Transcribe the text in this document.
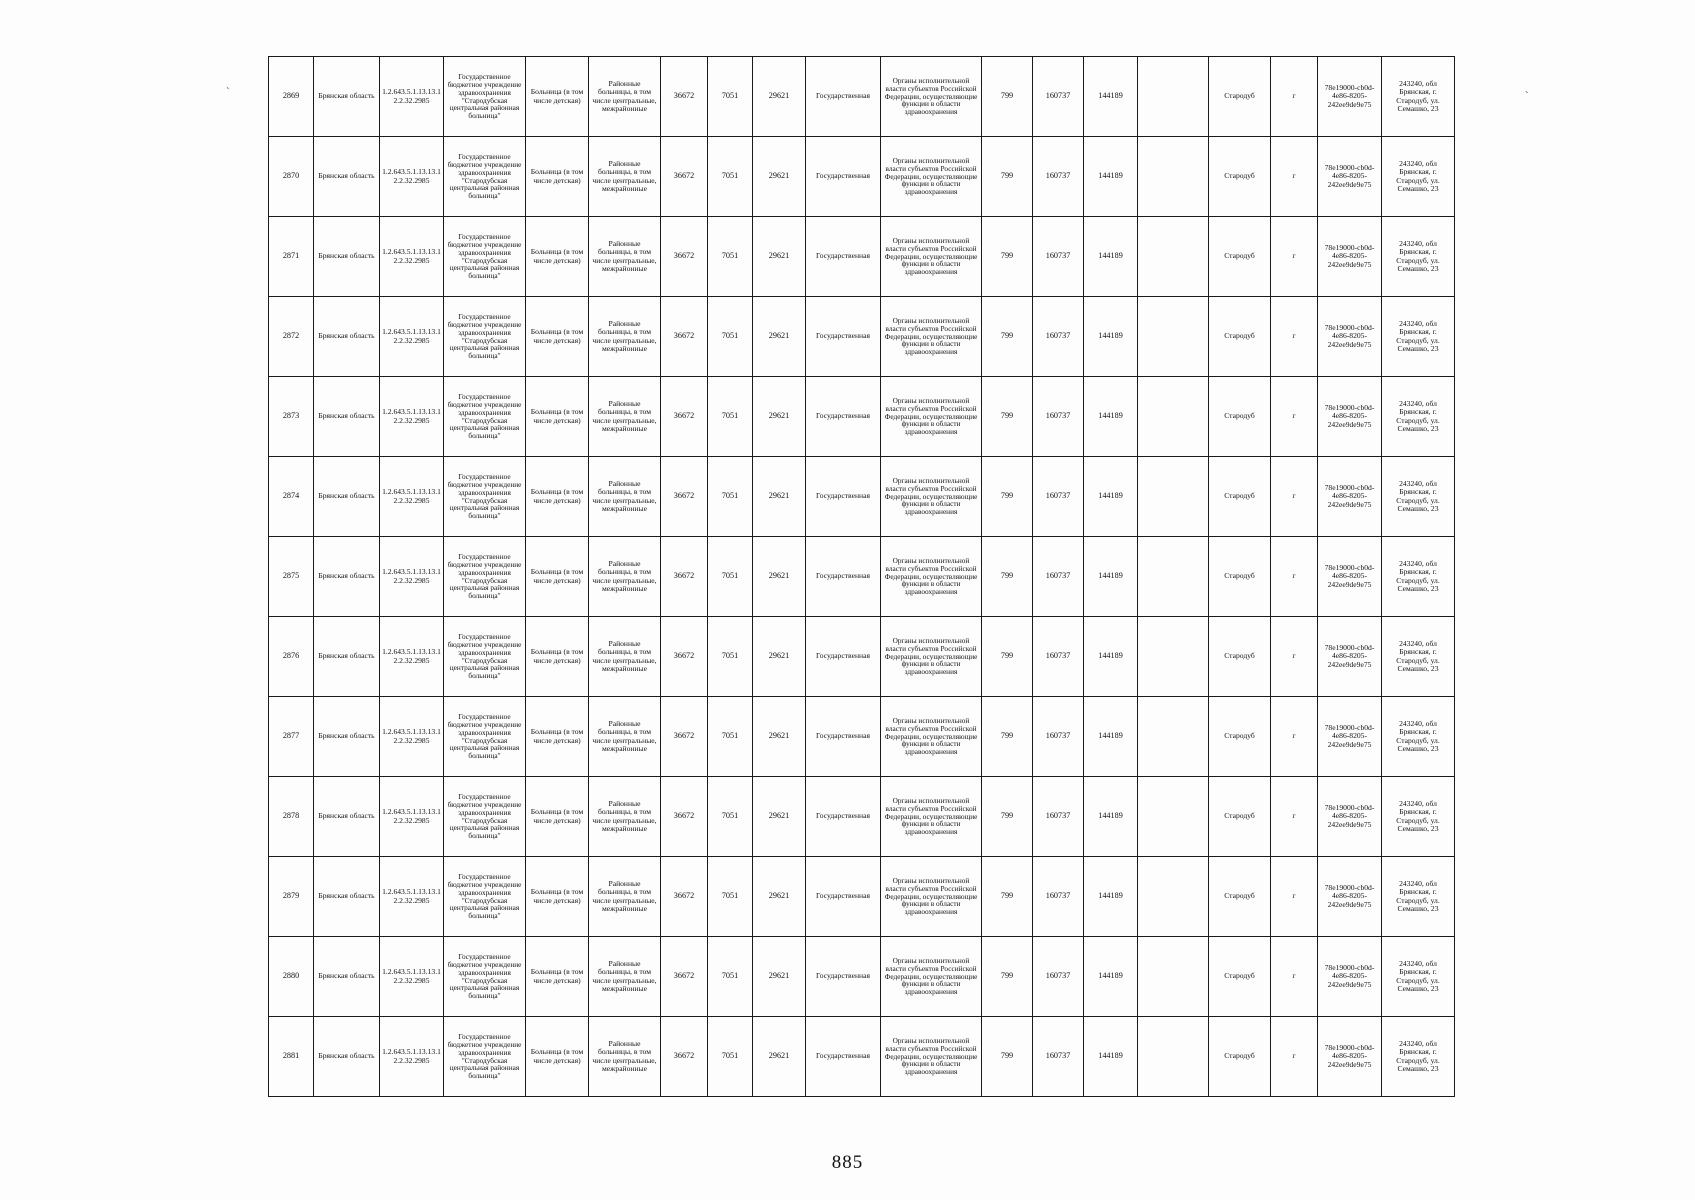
2869	Брянская область	1.2.643.5.1.13.13.12.2.32.2985	Государственное бюджетное учреждение здравоохранения "Стародубская центральная районная больница"	Больница (в том числе детская)	Районные больницы, в том числе центральные, межрайонные	36672	7051	29621	Государственная	Органы исполнительной власти субъектов Российской Федерации, осуществляющие функции в области здравоохранения	799	160737	144189		Стародуб	г	78e19000-cb0d-4e86-8205-242ee9de9e75	243240, обл Брянская, г. Стародуб, ул. Семашко, 23
2870	Брянская область	1.2.643.5.1.13.13.12.2.32.2985	Государственное бюджетное учреждение здравоохранения "Стародубская центральная районная больница"	Больница (в том числе детская)	Районные больницы, в том числе центральные, межрайонные	36672	7051	29621	Государственная	Органы исполнительной власти субъектов Российской Федерации, осуществляющие функции в области здравоохранения	799	160737	144189		Стародуб	г	78e19000-cb0d-4e86-8205-242ee9de9e75	243240, обл Брянская, г. Стародуб, ул. Семашко, 23
2871	Брянская область	1.2.643.5.1.13.13.12.2.32.2985	Государственное бюджетное учреждение здравоохранения "Стародубская центральная районная больница"	Больница (в том числе детская)	Районные больницы, в том числе центральные, межрайонные	36672	7051	29621	Государственная	Органы исполнительной власти субъектов Российской Федерации, осуществляющие функции в области здравоохранения	799	160737	144189		Стародуб	г	78e19000-cb0d-4e86-8205-242ee9de9e75	243240, обл Брянская, г. Стародуб, ул. Семашко, 23
2872	Брянская область	1.2.643.5.1.13.13.12.2.32.2985	Государственное бюджетное учреждение здравоохранения "Стародубская центральная районная больница"	Больница (в том числе детская)	Районные больницы, в том числе центральные, межрайонные	36672	7051	29621	Государственная	Органы исполнительной власти субъектов Российской Федерации, осуществляющие функции в области здравоохранения	799	160737	144189		Стародуб	г	78e19000-cb0d-4e86-8205-242ee9de9e75	243240, обл Брянская, г. Стародуб, ул. Семашко, 23
2873	Брянская область	1.2.643.5.1.13.13.12.2.32.2985	Государственное бюджетное учреждение здравоохранения "Стародубская центральная районная больница"	Больница (в том числе детская)	Районные больницы, в том числе центральные, межрайонные	36672	7051	29621	Государственная	Органы исполнительной власти субъектов Российской Федерации, осуществляющие функции в области здравоохранения	799	160737	144189		Стародуб	г	78e19000-cb0d-4e86-8205-242ee9de9e75	243240, обл Брянская, г. Стародуб, ул. Семашко, 23
2874	Брянская область	1.2.643.5.1.13.13.12.2.32.2985	Государственное бюджетное учреждение здравоохранения "Стародубская центральная районная больница"	Больница (в том числе детская)	Районные больницы, в том числе центральные, межрайонные	36672	7051	29621	Государственная	Органы исполнительной власти субъектов Российской Федерации, осуществляющие функции в области здравоохранения	799	160737	144189		Стародуб	г	78e19000-cb0d-4e86-8205-242ee9de9e75	243240, обл Брянская, г. Стародуб, ул. Семашко, 23
2875	Брянская область	1.2.643.5.1.13.13.12.2.32.2985	Государственное бюджетное учреждение здравоохранения "Стародубская центральная районная больница"	Больница (в том числе детская)	Районные больницы, в том числе центральные, межрайонные	36672	7051	29621	Государственная	Органы исполнительной власти субъектов Российской Федерации, осуществляющие функции в области здравоохранения	799	160737	144189		Стародуб	г	78e19000-cb0d-4e86-8205-242ee9de9e75	243240, обл Брянская, г. Стародуб, ул. Семашко, 23
2876	Брянская область	1.2.643.5.1.13.13.12.2.32.2985	Государственное бюджетное учреждение здравоохранения "Стародубская центральная районная больница"	Больница (в том числе детская)	Районные больницы, в том числе центральные, межрайонные	36672	7051	29621	Государственная	Органы исполнительной власти субъектов Российской Федерации, осуществляющие функции в области здравоохранения	799	160737	144189		Стародуб	г	78e19000-cb0d-4e86-8205-242ee9de9e75	243240, обл Брянская, г. Стародуб, ул. Семашко, 23
2877	Брянская область	1.2.643.5.1.13.13.12.2.32.2985	Государственное бюджетное учреждение здравоохранения "Стародубская центральная районная больница"	Больница (в том числе детская)	Районные больницы, в том числе центральные, межрайонные	36672	7051	29621	Государственная	Органы исполнительной власти субъектов Российской Федерации, осуществляющие функции в области здравоохранения	799	160737	144189		Стародуб	г	78e19000-cb0d-4e86-8205-242ee9de9e75	243240, обл Брянская, г. Стародуб, ул. Семашко, 23
2878	Брянская область	1.2.643.5.1.13.13.12.2.32.2985	Государственное бюджетное учреждение здравоохранения "Стародубская центральная районная больница"	Больница (в том числе детская)	Районные больницы, в том числе центральные, межрайонные	36672	7051	29621	Государственная	Органы исполнительной власти субъектов Российской Федерации, осуществляющие функции в области здравоохранения	799	160737	144189		Стародуб	г	78e19000-cb0d-4e86-8205-242ee9de9e75	243240, обл Брянская, г. Стародуб, ул. Семашко, 23
2879	Брянская область	1.2.643.5.1.13.13.12.2.32.2985	Государственное бюджетное учреждение здравоохранения "Стародубская центральная районная больница"	Больница (в том числе детская)	Районные больницы, в том числе центральные, межрайонные	36672	7051	29621	Государственная	Органы исполнительной власти субъектов Российской Федерации, осуществляющие функции в области здравоохранения	799	160737	144189		Стародуб	г	78e19000-cb0d-4e86-8205-242ee9de9e75	243240, обл Брянская, г. Стародуб, ул. Семашко, 23
2880	Брянская область	1.2.643.5.1.13.13.12.2.32.2985	Государственное бюджетное учреждение здравоохранения "Стародубская центральная районная больница"	Больница (в том числе детская)	Районные больницы, в том числе центральные, межрайонные	36672	7051	29621	Государственная	Органы исполнительной власти субъектов Российской Федерации, осуществляющие функции в области здравоохранения	799	160737	144189		Стародуб	г	78e19000-cb0d-4e86-8205-242ee9de9e75	243240, обл Брянская, г. Стародуб, ул. Семашко, 23
2881	Брянская область	1.2.643.5.1.13.13.12.2.32.2985	Государственное бюджетное учреждение здравоохранения "Стародубская центральная районная больница"	Больница (в том числе детская)	Районные больницы, в том числе центральные, межрайонные	36672	7051	29621	Государственная	Органы исполнительной власти субъектов Российской Федерации, осуществляющие функции в области здравоохранения	799	160737	144189		Стародуб	г	78e19000-cb0d-4e86-8205-242ee9de9e75	243240, обл Брянская, г. Стародуб, ул. Семашко, 23
`	`
885
